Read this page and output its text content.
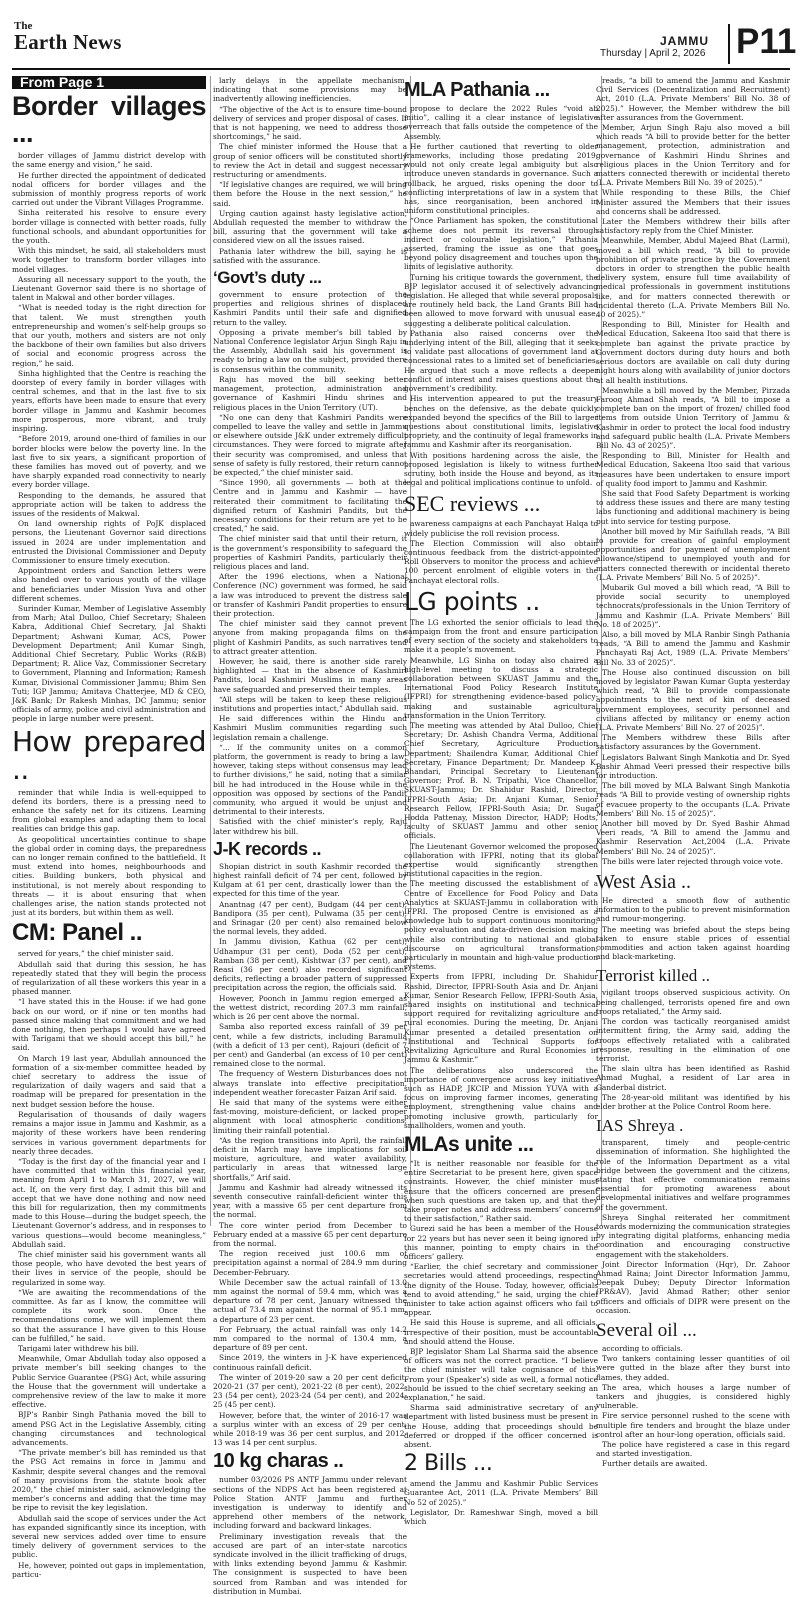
The
Earth News	JAMMU
Thursday | April 2, 2026 P11
From Page 1
Border villages ...

border villages of Jammu district develop with the same energy and vision,” he said.

He further directed the appointment of dedicated nodal officers for border villages and the submission of monthly progress reports of work carried out under the Vibrant Villages Programme.

Sinha reiterated his resolve to ensure every border village is connected with better roads, fully functional schools, and abundant opportunities for the youth.

With this mindset, he said, all stakeholders must work together to transform border villages into model villages.

Assuring all necessary support to the youth, the Lieutenant Governor said there is no shortage of talent in Makwal and other border villages.

“What is needed today is the right direction for that talent. We must strengthen youth entrepreneurship and women’s self-help groups so that our youth, mothers and sisters are not only the backbone of their own families but also drivers of social and economic progress across the region,” he said.

Sinha highlighted that the Centre is reaching the doorstep of every family in border villages with central schemes, and that in the last five to six years, efforts have been made to ensure that every border village in Jammu and Kashmir becomes more prosperous, more vibrant, and truly inspiring.

“Before 2019, around one-third of families in our border blocks were below the poverty line. In the last five to six years, a significant proportion of these families has moved out of poverty, and we have sharply expanded road connectivity to nearly every border village.

Responding to the demands, he assured that appropriate action will be taken to address the issues of the residents of Makwal.

On land ownership rights of PoJK displaced persons, the Lieutenant Governor said directions issued in 2024 are under implementation and entrusted the Divisional Commissioner and Deputy Commissioner to ensure timely execution.

Appointment orders and Sanction letters were also handed over to various youth of the village and beneficiaries under Mission Yuva and other different schemes.

Surinder Kumar, Member of Legislative Assembly from Marh; Atal Dulloo, Chief Secretary; Shaleen Kabra, Additional Chief Secretary, Jal Shakti Department; Ashwani Kumar, ACS, Power Development Department; Anil Kumar Singh, Additional Chief Secretary, Public Works (R&B) Department; R. Alice Vaz, Commissioner Secretary to Government, Planning and Information; Ramesh Kumar, Divisional Commissioner Jammu; Bhim Sen Tuti; IGP Jammu; Amitava Chatterjee, MD & CEO, J&K Bank; Dr Rakesh Minhas, DC Jammu; senior officials of army, police and civil administration and people in large number were present.

How prepared ..

reminder that while India is well-equipped to defend its borders, there is a pressing need to enhance the safety net for its citizens. Learning from global examples and adapting them to local realities can bridge this gap.

As geopolitical uncertainties continue to shape the global order in coming days, the preparedness can no longer remain confined to the battlefield. It must extend into homes, neighbourhoods and cities. Building bunkers, both physical and institutional, is not merely about responding to threats — it is about ensuring that when challenges arise, the nation stands protected not just at its borders, but within them as well.

CM: Panel ..

served for years,” the chief minister said.

Abdullah said that during this session, he has repeatedly stated that they will begin the process of regularization of all these workers this year in a phased manner.

“I have stated this in the House: if we had gone back on our word, or if nine or ten months had passed since making that commitment and we had done nothing, then perhaps I would have agreed with Tarigami that we should accept this bill,” he said.

On March 19 last year, Abdullah announced the formation of a six-member committee headed by chief secretary to address the issue of regularization of daily wagers and said that a roadmap will be prepared for presentation in the next budget session before the house.

Regularisation of thousands of daily wagers remains a major issue in Jammu and Kashmir, as a majority of these workers have been rendering services in various government departments for nearly three decades.

“Today is the first day of the financial year and I have committed that within this financial year, meaning from April 1 to March 31, 2027, we will act. If, on the very first day, I admit this bill and accept that we have done nothing and now need this bill for regularization, then my commitments made to this House—during the budget speech, the Lieutenant Governor’s address, and in responses to various questions—would become meaningless,” Abdullah said.

The chief minister said his government wants all those people, who have devoted the best years of their lives in service of the people, should be regularized in some way.

“We are awaiting the recommendations of the committee. As far as I know, the committee will complete its work soon. Once the recommendations come, we will implement them so that the assurance I have given to this House can be fulfilled,” he said.

Tarigami later withdrew his bill.

Meanwhile, Omar Abdullah today also opposed a private member’s bill seeking changes to the Public Service Guarantee (PSG) Act, while assuring the House that the government will undertake a comprehensive review of the law to make it more effective.

BJP’s Ranbir Singh Pathania moved the bill to amend PSG Act in the Legislative Assembly, citing changing circumstances and technological advancements.

“The private member’s bill has reminded us that the PSG Act remains in force in Jammu and Kashmir, despite several changes and the removal of many provisions from the statute book after 2020,” the chief minister said, acknowledging the member’s concerns and adding that the time may be ripe to revisit the key legislation.

Abdullah said the scope of services under the Act has expanded significantly since its inception, with several new services added over time to ensure timely delivery of government services to the public.

He, however, pointed out gaps in implementation, particu-

larly delays in the appellate mechanism, indicating that some provisions may be inadvertently allowing inefficiencies.

“The objective of the Act is to ensure time-bound delivery of services and proper disposal of cases. If that is not happening, we need to address those shortcomings,” he said.

The chief minister informed the House that a group of senior officers will be constituted shortly to review the Act in detail and suggest necessary restructuring or amendments.

“If legislative changes are required, we will bring them before the House in the next session,” he said.

Urging caution against hasty legislative action, Abdullah requested the member to withdraw the bill, assuring that the government will take a considered view on all the issues raised.

Pathania later withdrew the bill, saying he is satisfied with the assurance.

‘Govt’s duty ...

government to ensure protection of the properties and religious shrines of displaced Kashmiri Pandits until their safe and dignified return to the valley.

Opposing a private member’s bill tabled by National Conference legislator Arjun Singh Raju in the Assembly, Abdullah said his government is ready to bring a law on the subject, provided there is consensus within the community.

Raju has moved the bill seeking better management, protection, administration and governance of Kashmiri Hindu shrines and religious places in the Union Territory (UT).

“No one can deny that Kashmiri Pandits were compelled to leave the valley and settle in Jammu or elsewhere outside J&K under extremely difficult circumstances. They were forced to migrate after their security was compromised, and unless that sense of safety is fully restored, their return cannot be expected,” the chief minister said.

“Since 1990, all governments — both at the Centre and in Jammu and Kashmir — have reiterated their commitment to facilitating the dignified return of Kashmiri Pandits, but the necessary conditions for their return are yet to be created,” he said.

The chief minister said that until their return, it is the government’s responsibility to safeguard the properties of Kashmiri Pandits, particularly their religious places and land.

After the 1996 elections, when a National Conference (NC) government was formed, he said a law was introduced to prevent the distress sale or transfer of Kashmiri Pandit properties to ensure their protection.

The chief minister said they cannot prevent anyone from making propaganda films on the plight of Kashmiri Pandits, as such narratives tend to attract greater attention.

However, he said, there is another side rarely highlighted — that in the absence of Kashmiri Pandits, local Kashmiri Muslims in many areas have safeguarded and preserved their temples.

“All steps will be taken to keep these religious institutions and properties intact,” Abdullah said.

He said differences within the Hindu and Kashmiri Muslim communities regarding such legislation remain a challenge.

“... If the community unites on a common platform, the government is ready to bring a law; however, taking steps without consensus may lead to further divisions,” he said, noting that a similar bill he had introduced in the House while in the opposition was opposed by sections of the Pandit community, who argued it would be unjust and detrimental to their interests.

Satisfied with the chief minister’s reply, Raju later withdrew his bill.

J-K records ..

Shopian district in south Kashmir recorded the highest rainfall deficit of 74 per cent, followed by Kulgam at 61 per cent, drastically lower than the expected for this time of the year.

Anantnag (47 per cent), Budgam (44 per cent), Bandipora (35 per cent), Pulwama (35 per cent), and Srinagar (20 per cent) also remained below the normal levels, they added.

In Jammu division, Kathua (62 per cent), Udhampur (31 per cent), Doda (52 per cent), Ramban (38 per cent), Kishtwar (37 per cent), and Reasi (36 per cent) also recorded significant deficits, reflecting a broader pattern of suppressed precipitation across the region, the officials said.

However, Poonch in Jammu region emerged as the wettest district, recording 207.3 mm rainfall, which is 26 per cent above the normal.

Samba also reported excess rainfall of 39 per cent, while a few districts, including Baramulla (with a deficit of 13 per cent), Rajouri (deficit of 7 per cent) and Ganderbal (an excess of 10 per cent) remained close to the normal.

The frequency of Western Disturbances does not always translate into effective precipitation, independent weather forecaster Faizan Arif said.

He said that many of the systems were either fast-moving, moisture-deficient, or lacked proper alignment with local atmospheric conditions, limiting their rainfall potential.

“As the region transitions into April, the rainfall deficit in March may have implications for soil moisture, agriculture, and water availability, particularly in areas that witnessed large shortfalls,” Arif said.

Jammu and Kashmir had already witnessed its seventh consecutive rainfall-deficient winter this year, with a massive 65 per cent departure from the normal.

The core winter period from December to February ended at a massive 65 per cent departure from the normal.

The region received just 100.6 mm of precipitation against a normal of 284.9 mm during December-February.

While December saw the actual rainfall of 13.0 mm against the normal of 59.4 mm, which was a departure of 78 per cent, January witnessed the actual of 73.4 mm against the normal of 95.1 mm, a departure of 23 per cent.

For February, the actual rainfall was only 14.2 mm compared to the normal of 130.4 mm, a departure of 89 per cent.

Since 2019, the winters in J-K have experienced continuous rainfall deficit.

The winter of 2019-20 saw a 20 per cent deficit, 2020-21 (37 per cent), 2021-22 (8 per cent), 2022-23 (54 per cent), 2023-24 (54 per cent), and 2024-25 (45 per cent).

However, before that, the winter of 2016-17 was a surplus winter with an excess of 29 per cent, while 2018-19 was 36 per cent surplus, and 2012-13 was 14 per cent surplus.

10 kg charas ..

number 03/2026 PS ANTF Jammu under relevant sections of the NDPS Act has been registered at Police Station ANTF Jammu and further investigation is underway to identify and apprehend other members of the network, including forward and backward linkages.

Preliminary investigation reveals that the accused are part of an inter-state narcotics syndicate involved in the illicit trafficking of drugs, with links extending beyond Jammu & Kashmir. The consignment is suspected to have been sourced from Ramban and was intended for distribution in Mumbai.

MLA Pathania ...

propose to declare the 2022 Rules “void ab initio”, calling it a clear instance of legislative overreach that falls outside the competence of the Assembly.

He further cautioned that reverting to older frameworks, including those predating 2019, would not only create legal ambiguity but also introduce uneven standards in governance. Such a rollback, he argued, risks opening the door to conflicting interpretations of law in a system that has, since reorganisation, been anchored in uniform constitutional principles.

“Once Parliament has spoken, the constitutional scheme does not permit its reversal through indirect or colourable legislation,” Pathania asserted, framing the issue as one that goes beyond policy disagreement and touches upon the limits of legislative authority.

Turning his critique towards the government, the BJP legislator accused it of selectively advancing legislation. He alleged that while several proposals are routinely held back, the Land Grants Bill had been allowed to move forward with unusual ease, suggesting a deliberate political calculation.

Pathania also raised concerns over the underlying intent of the Bill, alleging that it seeks to validate past allocations of government land at concessional rates to a limited set of beneficiaries. He argued that such a move reflects a deeper conflict of interest and raises questions about the government’s credibility.

His intervention appeared to put the treasury benches on the defensive, as the debate quickly expanded beyond the specifics of the Bill to larger questions about constitutional limits, legislative propriety, and the continuity of legal frameworks in Jammu and Kashmir after its reorganisation.

With positions hardening across the aisle, the proposed legislation is likely to witness further scrutiny, both inside the House and beyond, as its legal and political implications continue to unfold.

SEC reviews ...

awareness campaigns at each Panchayat Halqa to widely publicise the roll revision process.

The Election Commission will also obtain continuous feedback from the district-appointed Roll Observers to monitor the process and achieve 100 percent enrolment of eligible voters in the Panchayat electoral rolls.

LG points ..

The LG exhorted the senior officials to lead the campaign from the front and ensure participation of every section of the society and stakeholders to make it a people’s movement.

Meanwhile, LG Sinha on today also chaired a high-level meeting to discuss a strategic collaboration between SKUAST Jammu and the International Food Policy Research Institute (IFPRI) for strengthening evidence-based policy-making and sustainable agricultural transformation in the Union Territory.

The meeting was attended by Atal Dulloo, Chief Secretary; Dr. Ashish Chandra Verma, Additional Chief Secretary, Agriculture Production Department; Shailendra Kumar, Additional Chief Secretary, Finance Department; Dr. Mandeep K. Bhandari, Principal Secretary to Lieutenant Governor; Prof. B. N. Tripathi, Vice Chancellor, SKUAST-Jammu; Dr. Shahidur Rashid, Director, IFPRI-South Asia; Dr. Anjani Kumar, Senior Research Fellow, IFPRI-South Asia; Dr. Sugar Hodda Pattenay, Mission Director, HADP; Hodts, faculty of SKUAST Jammu and other senior officials.

The Lieutenant Governor welcomed the proposed collaboration with IFPRI, noting that its global expertise would significantly strengthen institutional capacities in the region.

The meeting discussed the establishment of a Centre of Excellence for Food Policy and Data Analytics at SKUAST-Jammu in collaboration with IFPRI. The proposed Centre is envisioned as a knowledge hub to support continuous monitoring, policy evaluation and data-driven decision making while also contributing to national and global discourse on agricultural transformation, particularly in mountain and high-value production systems.

Experts from IFPRI, including Dr. Shahidur Rashid, Director, IFPRI-South Asia and Dr. Anjani Kumar, Senior Research Fellow, IFPRI-South Asia, shared insights on institutional and technical support required for revitalizing agriculture and rural economies. During the meeting, Dr. Anjani Kumar presented a detailed presentation on “Institutional and Technical Supports for Revitalizing Agriculture and Rural Economies in Jammu & Kashmir.”

The deliberations also underscored the importance of convergence across key initiatives such as HADP, JKCIP and Mission YUVA with a focus on improving farmer incomes, generating employment, strengthening value chains and promoting inclusive growth, particularly for smallholders, women and youth.

MLAs unite ...

“It is neither reasonable nor feasible for the entire Secretariat to be present here, given space constraints. However, the chief minister must ensure that the officers concerned are present when such questions are taken up, and that they take proper notes and address members’ concerns to their satisfaction,” Rather said.

Gurezi said he has been a member of the House for 22 years but has never seen it being ignored in this manner, pointing to empty chairs in the officers’ gallery.

“Earlier, the chief secretary and commissioner secretaries would attend proceedings, respecting the dignity of the House. Today, however, officials tend to avoid attending,” he said, urging the chief minister to take action against officers who fail to appear.

He said this House is supreme, and all officials, irrespective of their position, must be accountable and should attend the House.

BJP legislator Sham Lal Sharma said the absence of officers was not the correct practice. “I believe the chief minister will take cognisance of this. From your (Speaker’s) side as well, a formal notice should be issued to the chief secretary seeking an explanation,” he said.

Sharma said administrative secretary of any department with listed business must be present in the House, adding that proceedings should be deferred or dropped if the officer concerned is absent.

2 Bills ...

amend the Jammu and Kashmir Public Services Guarantee Act, 2011 (L.A. Private Members’ Bill No 52 of 2025).”

Legislator, Dr. Rameshwar Singh, moved a bill which

reads, “a bill to amend the Jammu and Kashmir Civil Services (Decentralization and Recruitment) Act, 2010 (L.A. Private Members’ Bill No. 38 of 2025).” However, the Member withdrew the bill after assurances from the Government.

Member, Arjun Singh Raju also moved a bill which reads “A bill to provide better for the better management, protection, administration and governance of Kashmiri Hindu Shrines and religious places in the Union Territory and for matters connected therewith or incidental thereto (L.A. Private Members Bill No. 39 of 2025).”

While responding to these Bills, the Chief Minister assured the Members that their issues and concerns shall be addressed.

Later the Members withdrew their bills after satisfactory reply from the Chief Minister.

Meanwhile, Member, Abdul Majeed Bhat (Larmi), moved a bill which read, “A bill to provide prohibition of private practice by the Government doctors in order to strengthen the public health delivery system, ensure full time availability of medical professionals in government institutions like, and for matters connected therewith or incidental thereto (L.A. Private Members Bill No. 40 of 2025).”

Responding to Bill, Minister for Health and Medical Education, Sakeena Itoo said that there is complete ban against the private practice by Government doctors during duty hours and both serious doctors are available on call duty during night hours along with availability of junior doctors at all health institutions.

Meanwhile a bill moved by the Member, Pirzada Farooq Ahmad Shah reads, “A bill to impose a complete ban on the import of frozen/ chilled food items from outside Union Territory of Jammu & Kashmir in order to protect the local food industry and safeguard public health (L.A. Private Members Bill No. 43 of 2025)”.

Responding to Bill, Minister for Health and Medical Education, Sakeena Itoo said that various measures have been undertaken to ensure import of quality food import to Jammu and Kashmir.

She said that Food Safety Department is working to address these issues and there are many testing labs functioning and additional machinery is being put into service for testing purpose.

Another bill moved by Mir Saifullah reads, “A Bill to provide for creation of gainful employment opportunities and for payment of unemployment allowance/stipend to unemployed youth and for matters connected therewith or incidental thereto (L.A. Private Members’ Bill No. 5 of 2025)”.

Mubarik Gul moved a bill which read, “A Bill to provide social security to unemployed technocrats/professionals in the Union Territory of Jammu and Kashmir (L.A. Private Members’ Bill No. 18 of 2025)”.

Also, a bill moved by MLA Ranbir Singh Pathania reads, “A Bill to amend the Jammu and Kashmir Panchayati Raj Act, 1989 (L.A. Private Members’ Bill No. 33 of 2025)”.

The House also continued discussion on bill moved by legislator Pawan Kumar Gupta yesterday which read, “A Bill to provide compassionate appointments to the next of kin of deceased government employees, security personnel and civilians affected by militancy or enemy action (L.A. Private Members’ Bill No. 27 of 2025)”.

The Members withdrew these Bills after satisfactory assurances by the Government.

Legislators Balwant Singh Mankotia and Dr. Syed Bashir Ahmad Veeri pressed their respective bills for introduction.

The bill moved by MLA Balwant Singh Mankotia reads “A Bill to provide vesting of ownership rights of evacuee property to the occupants (L.A. Private Members’ Bill No. 15 of 2025)”.

Another bill moved by Dr. Syed Bashir Ahmad Veeri reads, “A Bill to amend the Jammu and Kashmir Reservation Act,2004 (L.A. Private Members’ Bill No. 24 of 2025)”.

The bills were later rejected through voice vote.

West Asia ..

He directed a smooth flow of authentic information to the public to prevent misinformation and rumour-mongering.

The meeting was briefed about the steps being taken to ensure stable prices of essential commodities and action taken against hoarding and black-marketing.

Terrorist killed ..

vigilant troops observed suspicious activity. On being challenged, terrorists opened fire and own troops retaliated,” the Army said.

The cordon was tactically reorganised amidst intermittent firing, the Army said, adding the troops effectively retaliated with a calibrated response, resulting in the elimination of one terrorist.

The slain ultra has been identified as Rashid Ahmad Mughal, a resident of Lar area in Ganderbal district.

The 28-year-old militant was identified by his elder brother at the Police Control Room here.

IAS Shreya .

transparent, timely and people-centric dissemination of information. She highlighted the role of the Information Department as a vital bridge between the government and the citizens, stating that effective communication remains essential for promoting awareness about developmental initiatives and welfare programmes of the government.

Shreya Singhal reiterated her commitment towards modernizing the communication strategies by integrating digital platforms, enhancing media coordination and encouraging constructive engagement with the stakeholders.

Joint Director Information (Hqr), Dr. Zahoor Ahmad Raina; Joint Director Information Jammu, Deepak Dubey; Deputy Director Information (PR&AV), Javid Ahmad Rather; other senior officers and officials of DIPR were present on the occasion.

Several oil ...

according to officials.

Two tankers containing lesser quantities of oil were gutted in the blaze after they burst into flames, they added.

The area, which houses a large number of tankers and jhuggies, is considered highly vulnerable.

Fire service personnel rushed to the scene with multiple fire tenders and brought the blaze under control after an hour-long operation, officials said.

The police have registered a case in this regard and started investigation.

Further details are awaited.
